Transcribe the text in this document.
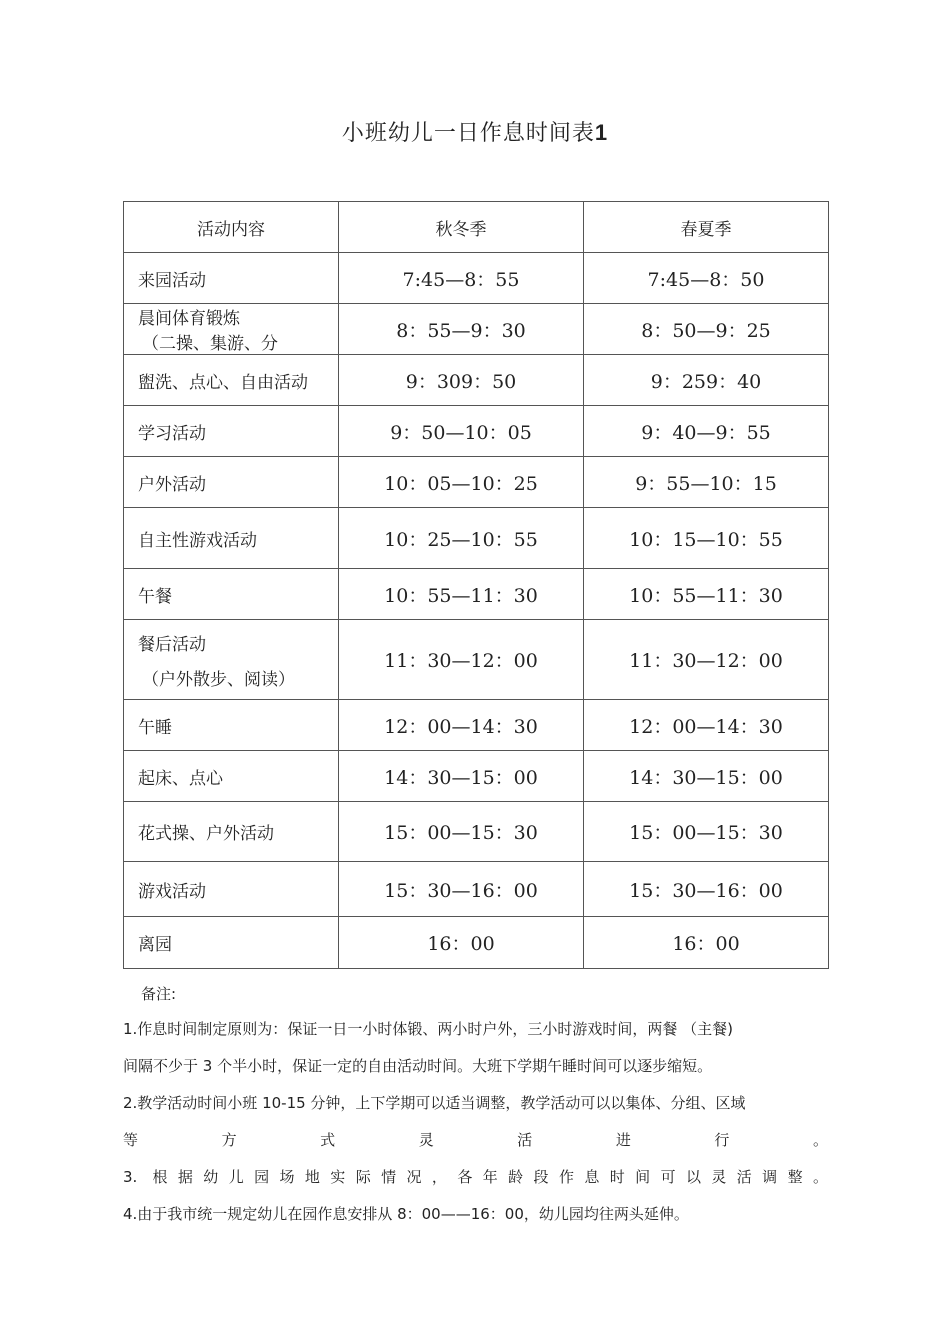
小班幼儿一日作息时间表1
活动内容	秋冬季	春夏季

来园活动	7:45—8：55	7:45—8：50

晨间体育锻炼
（二操、集游、分	8：55—9：30	8：50—9：25

盥洗、点心、自由活动	9：309：50	9：259：40

学习活动	9：50—10：05	9：40—9：55

户外活动	10：05—10：25	9：55—10：15

自主性游戏活动	10：25—10：55	10：15—10：55

午餐	10：55—11：30	10：55—11：30

餐后活动
（户外散步、阅读）	11：30—12：00	11：30—12：00

午睡	12：00—14：30	12：00—14：30

起床、点心	14：30—15：00	14：30—15：00

花式操、户外活动	15：00—15：30	15：00—15：30

游戏活动	15：30—16：00	15：30—16：00

离园	16：00	16：00
备注:
1.作息时间制定原则为：保证一日一小时体锻、两小时户外，三小时游戏时间，两餐 （主餐)
间隔不少于 3 个半小时，保证一定的自由活动时间。大班下学期午睡时间可以逐步缩短。
2.教学活动时间小班 10-15 分钟，上下学期可以适当调整，教学活动可以以集体、分组、区域
等方式灵活进行。
3. 根据幼儿园场地实际情况，各年龄段作息时间可以灵活调整。
4.由于我市统一规定幼儿在园作息安排从 8：00——16：00，幼儿园均往两头延伸。
